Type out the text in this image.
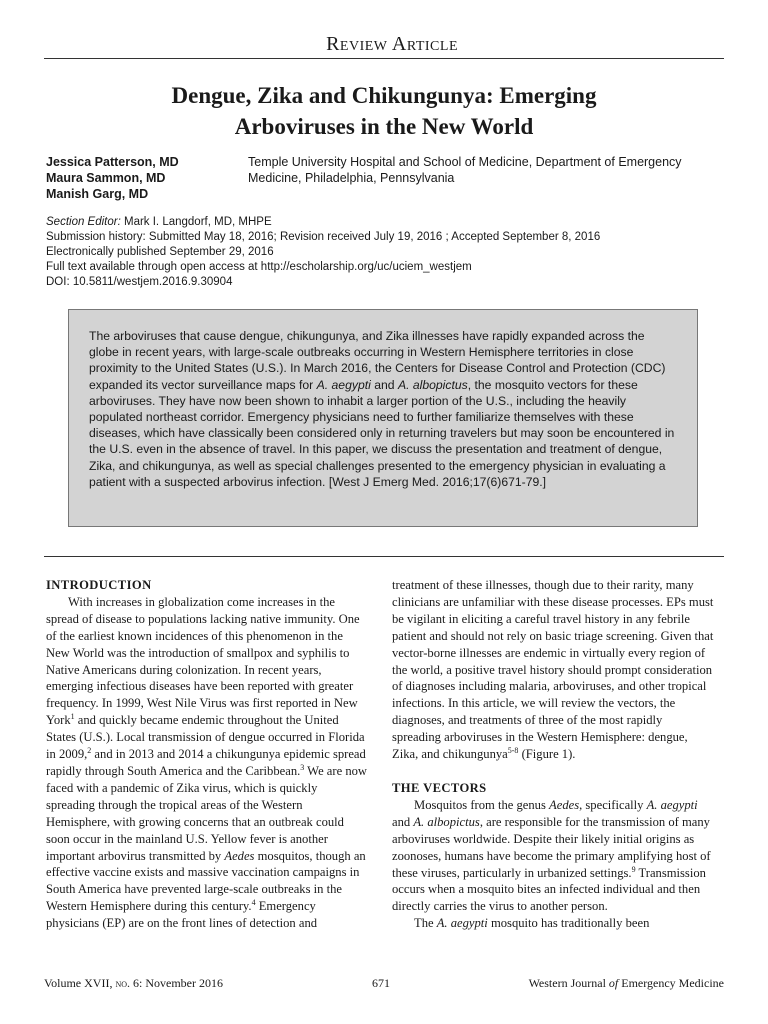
Review Article
Dengue, Zika and Chikungunya: Emerging
Arboviruses in the New World
Jessica Patterson, MD
Maura Sammon, MD
Manish Garg, MD
Temple University Hospital and School of Medicine, Department of Emergency
Medicine, Philadelphia, Pennsylvania
Section Editor: Mark I. Langdorf, MD, MHPE
Submission history: Submitted May 18, 2016; Revision received July 19, 2016 ; Accepted September 8, 2016
Electronically published September 29, 2016
Full text available through open access at http://escholarship.org/uc/uciem_westjem
DOI: 10.5811/westjem.2016.9.30904
The arboviruses that cause dengue, chikungunya, and Zika illnesses have rapidly expanded across the globe in recent years, with large-scale outbreaks occurring in Western Hemisphere territories in close proximity to the United States (U.S.). In March 2016, the Centers for Disease Control and Protection (CDC) expanded its vector surveillance maps for A. aegypti and A. albopictus, the mosquito vectors for these arboviruses. They have now been shown to inhabit a larger portion of the U.S., including the heavily populated northeast corridor. Emergency physicians need to further familiarize themselves with these diseases, which have classically been considered only in returning travelers but may soon be encountered in the U.S. even in the absence of travel. In this paper, we discuss the presentation and treatment of dengue, Zika, and chikungunya, as well as special challenges presented to the emergency physician in evaluating a patient with a suspected arbovirus infection. [West J Emerg Med. 2016;17(6)671-79.]
INTRODUCTION

With increases in globalization come increases in the spread of disease to populations lacking native immunity. One of the earliest known incidences of this phenomenon in the New World was the introduction of smallpox and syphilis to Native Americans during colonization. In recent years, emerging infectious diseases have been reported with greater frequency. In 1999, West Nile Virus was first reported in New York$^1$ and quickly became endemic throughout the United States (U.S.). Local transmission of dengue occurred in Florida in 2009,$^2$ and in 2013 and 2014 a chikungunya epidemic spread rapidly through South America and the Caribbean.$^3$ We are now faced with a pandemic of Zika virus, which is quickly spreading through the tropical areas of the Western Hemisphere, with growing concerns that an outbreak could soon occur in the mainland U.S. Yellow fever is another important arbovirus transmitted by Aedes mosquitos, though an effective vaccine exists and massive vaccination campaigns in South America have prevented large-scale outbreaks in the Western Hemisphere during this century.$^4$ Emergency physicians (EP) are on the front lines of detection and

treatment of these illnesses, though due to their rarity, many clinicians are unfamiliar with these disease processes. EPs must be vigilant in eliciting a careful travel history in any febrile patient and should not rely on basic triage screening. Given that vector-borne illnesses are endemic in virtually every region of the world, a positive travel history should prompt consideration of diagnoses including malaria, arboviruses, and other tropical infections. In this article, we will review the vectors, the diagnoses, and treatments of three of the most rapidly spreading arboviruses in the Western Hemisphere: dengue, Zika, and chikungunya$^{5-8}$ (Figure 1).

THE VECTORS

Mosquitos from the genus Aedes, specifically A. aegypti and A. albopictus, are responsible for the transmission of many arboviruses worldwide. Despite their likely initial origins as zoonoses, humans have become the primary amplifying host of these viruses, particularly in urbanized settings.$^9$ Transmission occurs when a mosquito bites an infected individual and then directly carries the virus to another person.

The A. aegypti mosquito has traditionally been

Volume XVII, no. 6: November 2016	671	Western Journal of Emergency Medicine
